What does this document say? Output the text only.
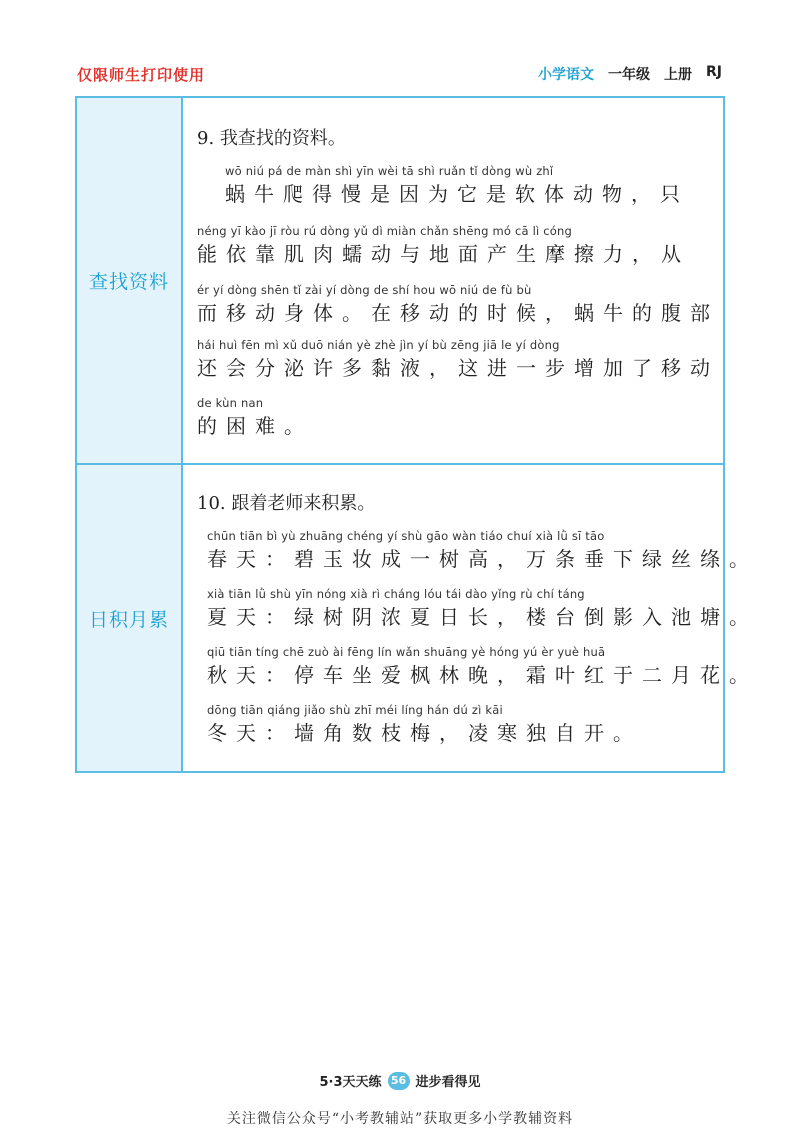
仅限师生打印使用	小学语文 一年级 上册 RJ
查找资料
9. 我查找的资料。
wō niú pá de màn shì yīn wèi tā shì ruǎn tǐ dòng wù zhǐ
蜗牛爬得慢是因为它是软体动物，只
néng yī kào jī ròu rú dòng yǔ dì miàn chǎn shēng mó cā lì cóng
能依靠肌肉蠕动与地面产生摩擦力，从
ér yí dòng shēn tǐ zài yí dòng de shí hou wō niú de fù bù
而移动身体。在移动的时候，蜗牛的腹部
hái huì fēn mì xǔ duō nián yè zhè jìn yí bù zēng jiā le yí dòng
还会分泌许多黏液，这进一步增加了移动
de kùn nan
的困难。
日积月累
10. 跟着老师来积累。
chūn tiān bì yù zhuāng chéng yí shù gāo wàn tiáo chuí xià lǜ sī tāo
春天：碧玉妆成一树高，万条垂下绿丝绦。
xià tiān lǜ shù yīn nóng xià rì cháng lóu tái dào yǐng rù chí táng
夏天：绿树阴浓夏日长，楼台倒影入池塘。
qiū tiān tíng chē zuò ài fēng lín wǎn shuāng yè hóng yú èr yuè huā
秋天：停车坐爱枫林晚，霜叶红于二月花。
dōng tiān qiáng jiǎo shù zhī méi líng hán dú zì kāi
冬天：墙角数枝梅，凌寒独自开。
5·3天天练 56 进步看得见
关注微信公众号“小考教辅站”获取更多小学教辅资料
